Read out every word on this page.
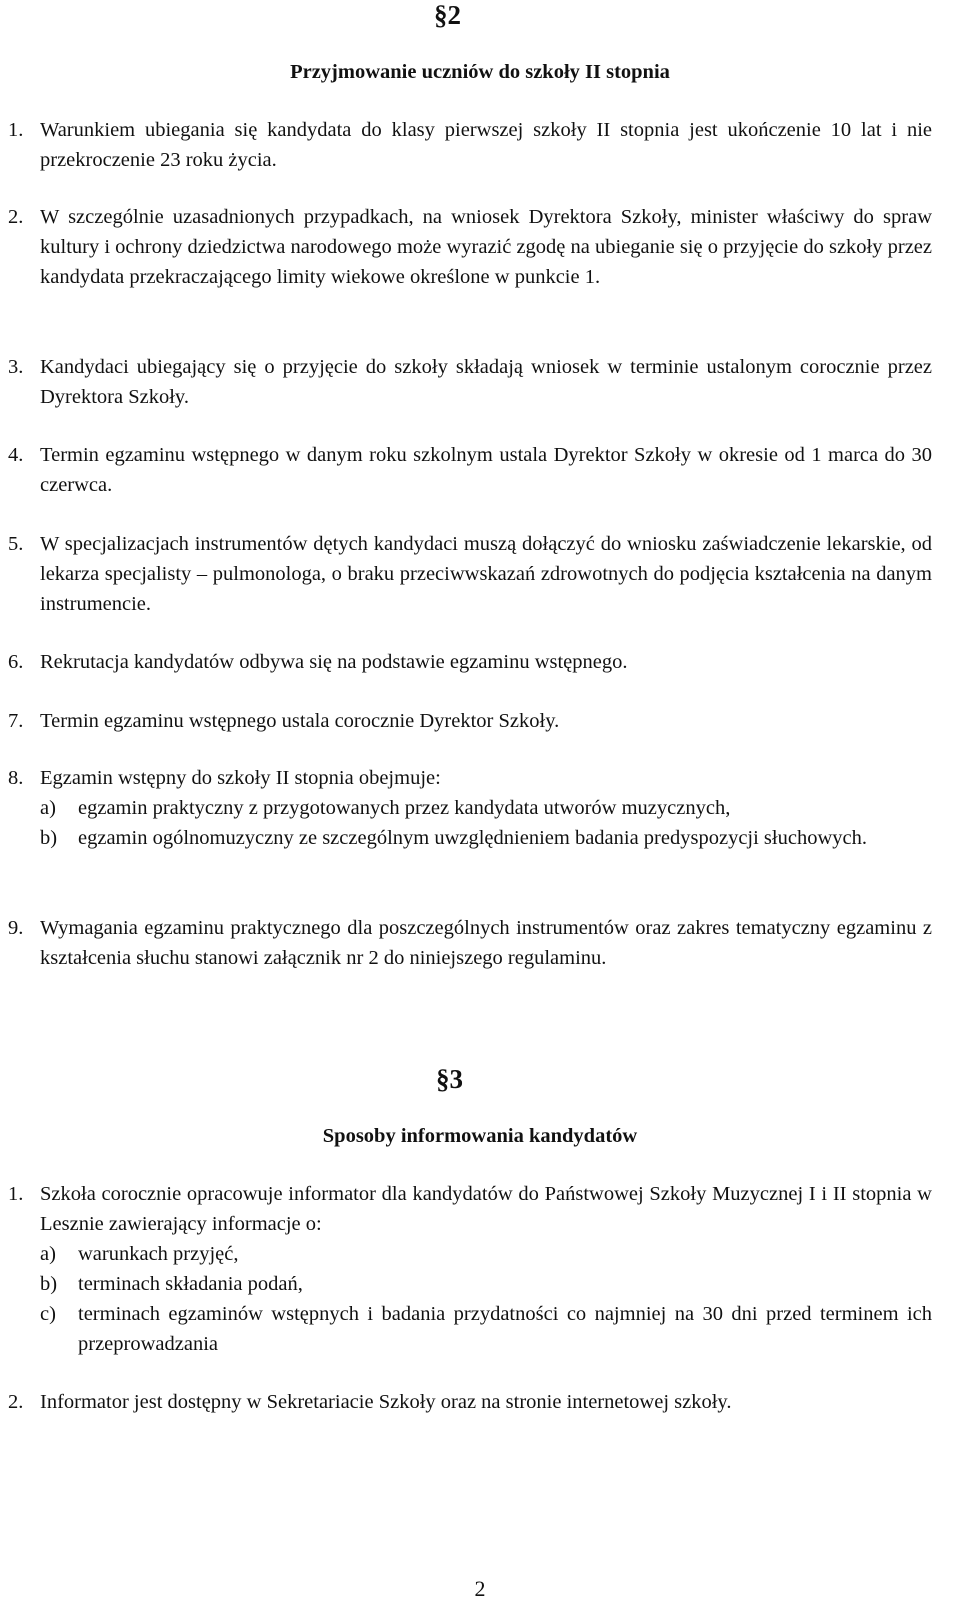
§2
Przyjmowanie uczniów do szkoły II stopnia
1. Warunkiem ubiegania się kandydata do klasy pierwszej szkoły II stopnia jest ukończenie 10 lat i nie przekroczenie 23 roku życia.
2. W szczególnie uzasadnionych przypadkach, na wniosek Dyrektora Szkoły, minister właściwy do spraw kultury i ochrony dziedzictwa narodowego może wyrazić zgodę na ubieganie się o przyjęcie do szkoły przez kandydata przekraczającego limity wiekowe określone w punkcie 1.
3. Kandydaci ubiegający się o przyjęcie do szkoły składają wniosek w terminie ustalonym corocznie przez Dyrektora Szkoły.
4. Termin egzaminu wstępnego w danym roku szkolnym ustala Dyrektor Szkoły w okresie od 1 marca do 30 czerwca.
5. W specjalizacjach instrumentów dętych kandydaci muszą dołączyć do wniosku zaświadczenie lekarskie, od lekarza specjalisty – pulmonologa, o braku przeciwwskazań zdrowotnych do podjęcia kształcenia na danym instrumencie.
6. Rekrutacja kandydatów odbywa się na podstawie egzaminu wstępnego.
7. Termin egzaminu wstępnego ustala corocznie Dyrektor Szkoły.
8. Egzamin wstępny do szkoły II stopnia obejmuje:
a) egzamin praktyczny z przygotowanych przez kandydata utworów muzycznych,
b) egzamin ogólnomuzyczny ze szczególnym uwzględnieniem badania predyspozycji słuchowych.
9. Wymagania egzaminu praktycznego dla poszczególnych instrumentów oraz zakres tematyczny egzaminu z kształcenia słuchu stanowi załącznik nr 2 do niniejszego regulaminu.
§3
Sposoby informowania kandydatów
1. Szkoła corocznie opracowuje informator dla kandydatów do Państwowej Szkoły Muzycznej I i II stopnia w Lesznie zawierający informacje o:
a) warunkach przyjęć,
b) terminach składania podań,
c) terminach egzaminów wstępnych i badania przydatności co najmniej na 30 dni przed terminem ich przeprowadzania
2. Informator jest dostępny w Sekretariacie Szkoły oraz na stronie internetowej szkoły.
2
